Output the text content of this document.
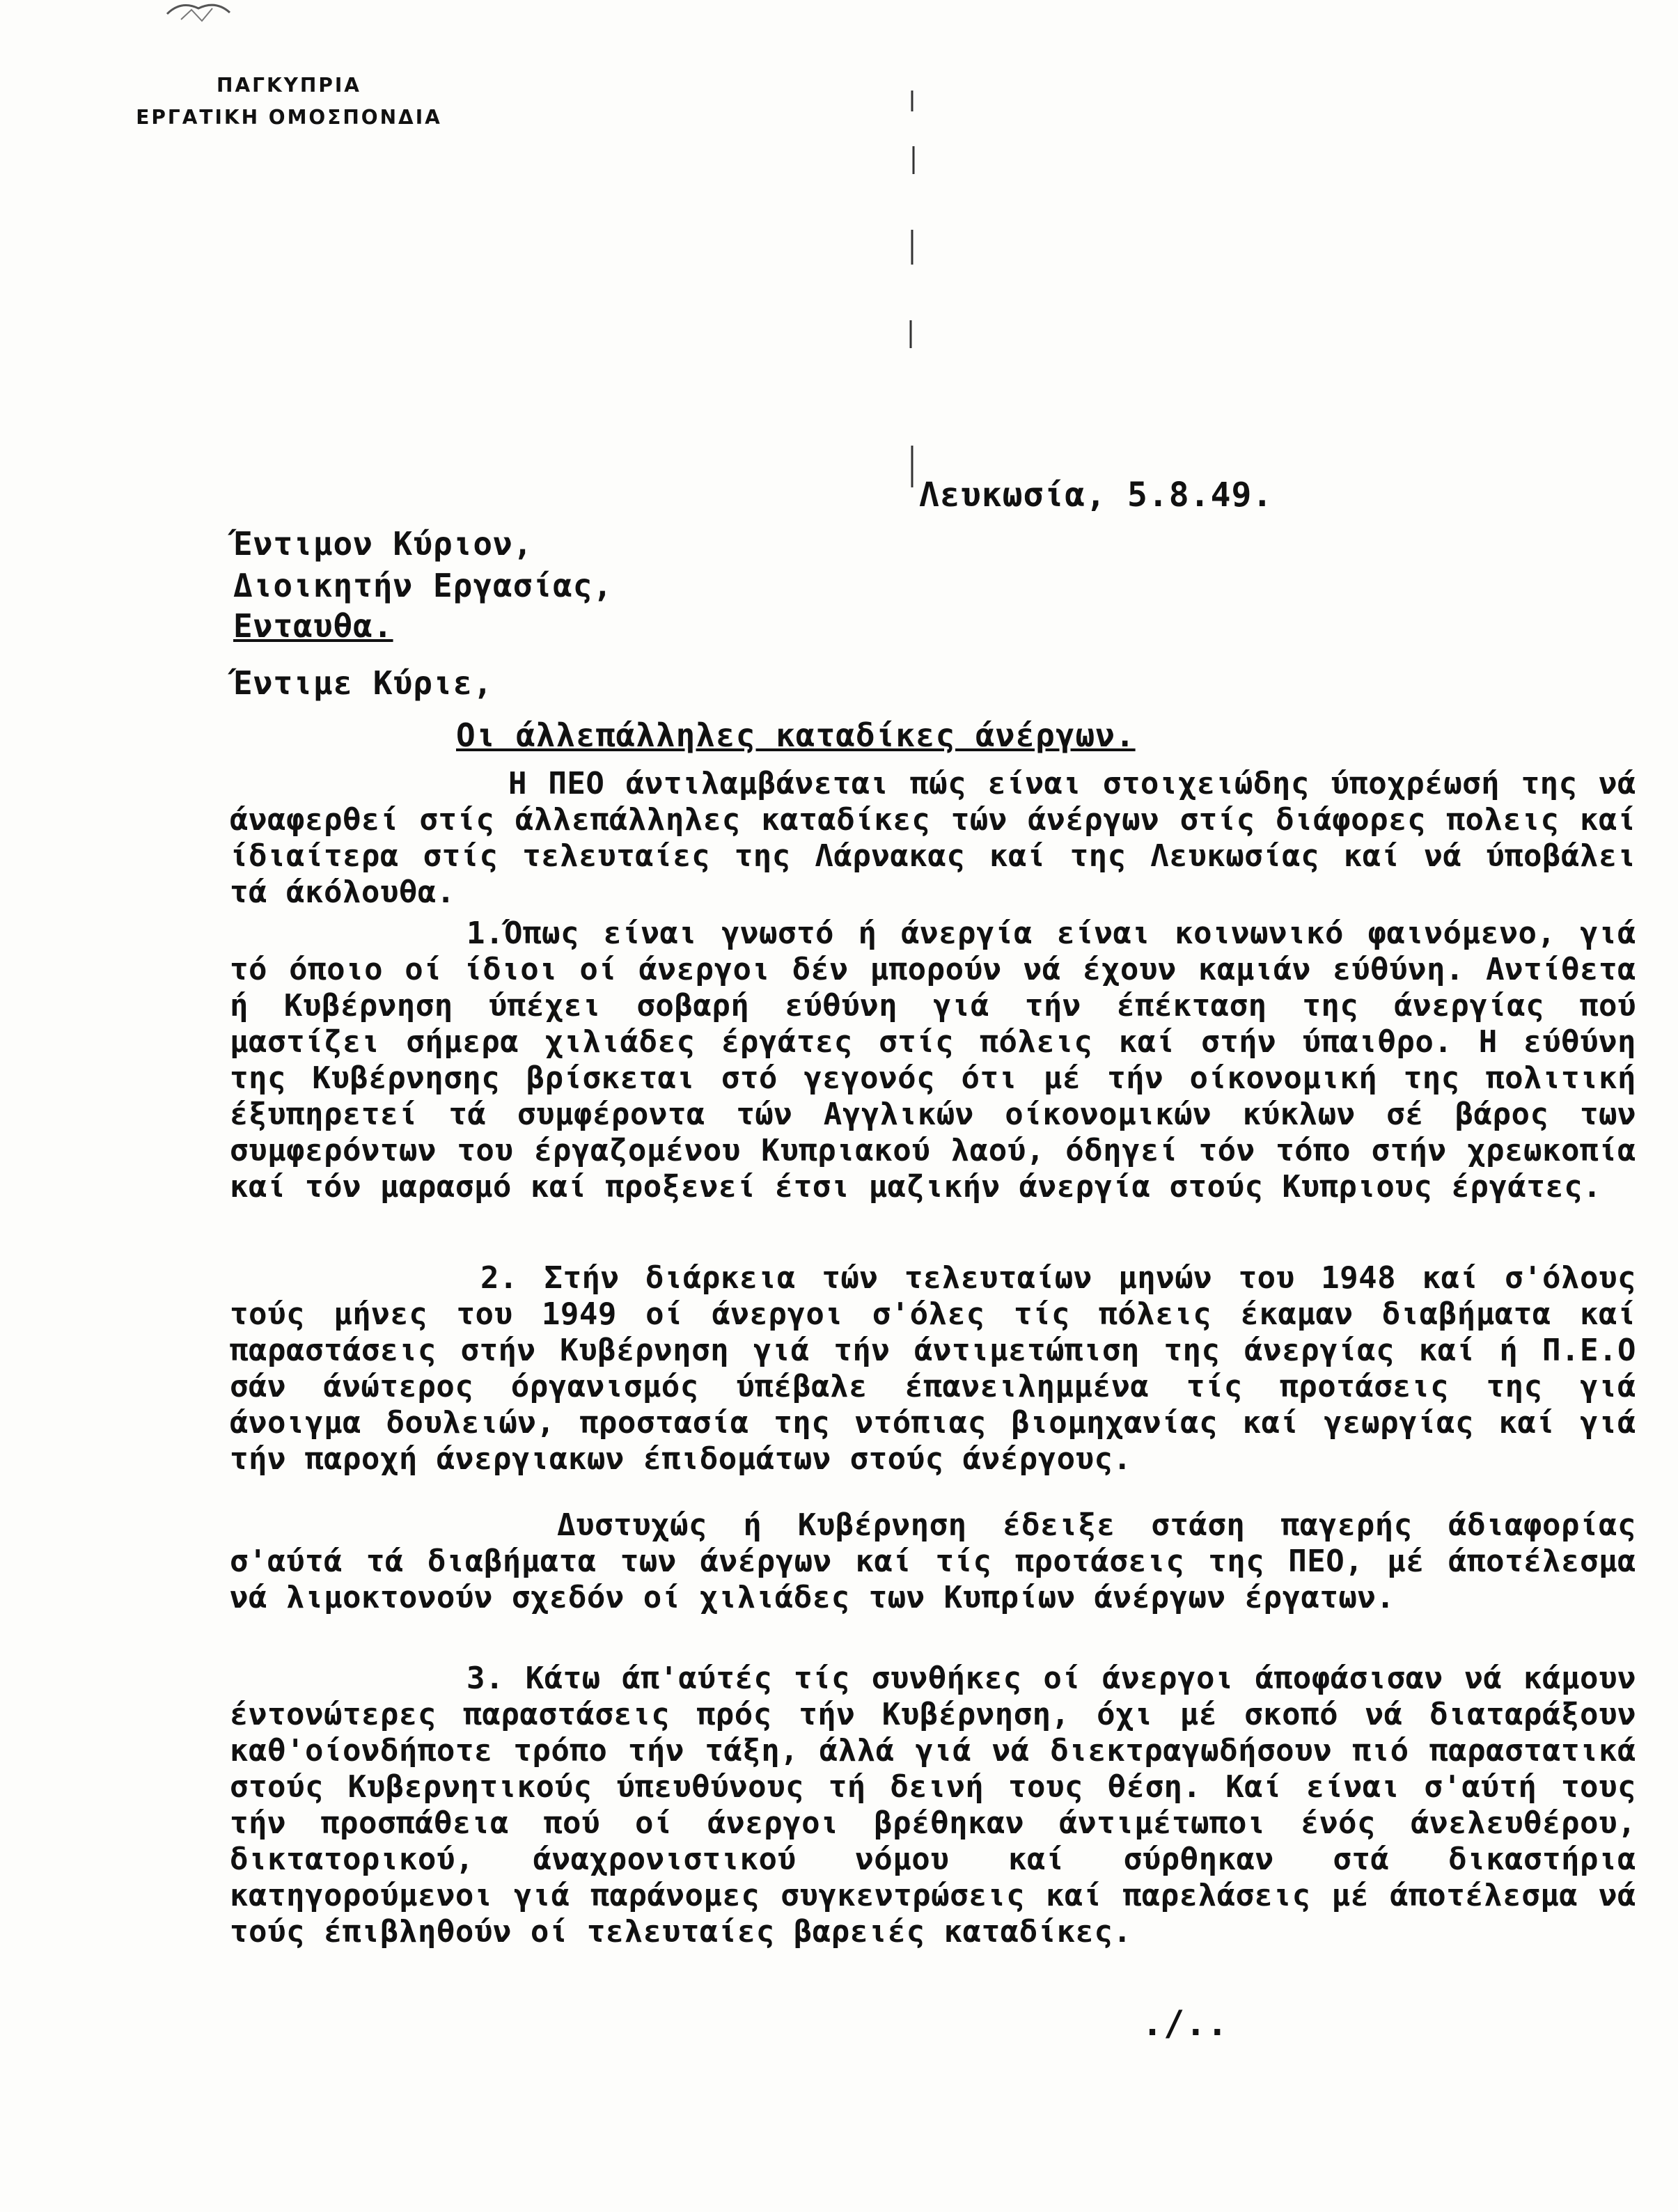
ΠΑΓΚΥΠΡΙΑ
ΕΡΓΑΤΙΚΗ ΟΜΟΣΠΟΝΔΙΑ
Λευκωσία, 5.8.49.
Έντιμον Κύριον,
Διοικητήν Εργασίας,
Ενταυθα.
Έντιμε Κύριε,
Οι άλλεπάλληλες καταδίκες άνέργων.
Η ΠΕΟ άντιλαμβάνεται πώς είναι στοιχειώδης ύποχρέωσή της νά άναφερθεί στίς άλλεπάλληλες καταδίκες τών άνέργων στίς διάφορες πολεις καί ίδιαίτερα στίς τελευταίες της Λάρνακας καί της Λευκωσίας καί νά ύποβάλει τά άκόλουθα.
1.Όπως είναι γνωστό ή άνεργία είναι κοινωνικό φαινόμενο, γιά τό όποιο οί ίδιοι οί άνεργοι δέν μπορούν νά έχουν καμιάν εύθύνη. Αντίθετα ή Κυβέρνηση ύπέχει σοβαρή εύθύνη γιά τήν έπέκταση της άνεργίας πού μαστίζει σήμερα χιλιάδες έργάτες στίς πόλεις καί στήν ύπαιθρο. Η εύθύνη της Κυβέρνησης βρίσκεται στό γεγονός ότι μέ τήν οίκονομική της πολιτική έξυπηρετεί τά συμφέροντα τών Αγγλικών οίκονομικών κύκλων σέ βάρος των συμφερόντων του έργαζομένου Κυπριακού λαού, όδηγεί τόν τόπο στήν χρεωκοπία καί τόν μαρασμό καί προξενεί έτσι μαζικήν άνεργία στούς Κυπριους έργάτες.
2. Στήν διάρκεια τών τελευταίων μηνών του 1948 καί σ'όλους τούς μήνες του 1949 οί άνεργοι σ'όλες τίς πόλεις έκαμαν διαβήματα καί παραστάσεις στήν Κυβέρνηση γιά τήν άντιμετώπιση της άνεργίας καί ή Π.Ε.Ο σάν άνώτερος όργανισμός ύπέβαλε έπανειλημμένα τίς προτάσεις της γιά άνοιγμα δουλειών, προστασία της ντόπιας βιομηχανίας καί γεωργίας καί γιά τήν παροχή άνεργιακων έπιδομάτων στούς άνέργους.
Δυστυχώς ή Κυβέρνηση έδειξε στάση παγερής άδιαφορίας σ'αύτά τά διαβήματα των άνέργων καί τίς προτάσεις της ΠΕΟ, μέ άποτέλεσμα νά λιμοκτονούν σχεδόν οί χιλιάδες των Κυπρίων άνέργων έργατων.
3. Κάτω άπ'αύτές τίς συνθήκες οί άνεργοι άποφάσισαν νά κάμουν έντονώτερες παραστάσεις πρός τήν Κυβέρνηση, όχι μέ σκοπό νά διαταράξουν καθ'οίονδήποτε τρόπο τήν τάξη, άλλά γιά νά διεκτραγωδήσουν πιό παραστατικά στούς Κυβερνητικούς ύπευθύνους τή δεινή τους θέση. Καί είναι σ'αύτή τους τήν προσπάθεια πού οί άνεργοι βρέθηκαν άντιμέτωποι ένός άνελευθέρου, δικτατορικού, άναχρονιστικού νόμου καί σύρθηκαν στά δικαστήρια κατηγορούμενοι γιά παράνομες συγκεντρώσεις καί παρελάσεις μέ άποτέλεσμα νά τούς έπιβληθούν οί τελευταίες βαρειές καταδίκες.
./..
